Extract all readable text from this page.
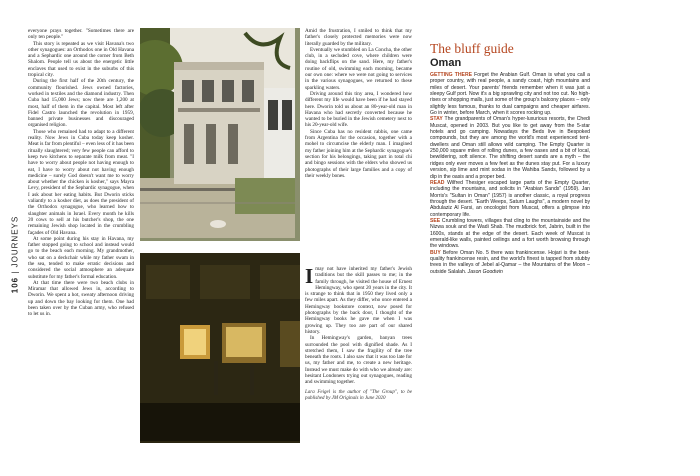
106 | JOURNEYS

everyone prays together. "Sometimes there are only ten people."

This story is repeated as we visit Havana's two other synagogues: an Orthodox one in Old Havana and a Sephardic one around the corner from Beth Shalom. People tell us about the energetic little enclaves that used to exist in the suburbs of this tropical city.

During the first half of the 20th century, the community flourished. Jews owned factories, worked in textiles and the diamond industry. Then Cuba had 15,000 Jews; now there are 1,200 at most, half of them in the capital. Most left after Fidel Castro launched the revolution in 1959, banned private businesses and discouraged organised religion.

Those who remained had to adapt to a different reality. Now Jews in Cuba today keep kosher. Meat is far from plentiful – even less of it has been ritually slaughtered; very few people can afford to keep two kitchens to separate milk from meat. "I have to worry about people not having enough to eat, I have to worry about not having enough medicine – surely God doesn't want me to worry about whether the chicken is kosher," says Mayra Levy, president of the Sephardic synagogue, when I ask about her eating habits. But Dworin sticks valiantly to a kosher diet, as does the president of the Orthodox synagogue, who learned how to slaughter animals in Israel. Every month he kills 20 cows to sell at his butcher's shop, the one remaining Jewish shop located in the crumbling façades of Old Havana.

At some point during his stay in Havana, my father stopped going to school and instead would go to the beach each morning. My grandmother, who sat on a deckchair while my father swam in the sea, tended to make erratic decisions and considered the social atmosphere an adequate substitute for my father's formal education.

At that time there were two beach clubs in Miramar that allowed Jews in, according to Dworin. We spent a hot, sweaty afternoon driving up and down the bay looking for them. One had been taken over by the Cuban army, who refused to let us in.

Imay not have inherited my father's Jewish traditions but the skill passes to me; in the family through, he visited the house of Ernest Hemingway, who spent 20 years in the city. It is strange to think that in 1950 they lived only a few miles apart. As they differ, who once entered a Hemingway bookstore context, now posed for photographs by the back door, I thought of the Hemingway books he gave me when I was growing up. They too are part of our shared history.

In Hemingway's garden, banyan trees surrounded the pool with dignified shade. As I stretched them, I saw the fragility of the tree beneath the roots. I also saw that it was too late for us, my father and me, to create a new heritage. Instead we must make do with who we already are: hesitant Londoners trying out synagogues, reading and swimming together.

Lara Feigel is the author of "The Group", to be published by JM Originals in June 2020
The bluff guide
Oman

GETTING THERE Forget the Arabian Gulf. Oman is what you call a proper country, with real people, a sandy coast, high mountains and miles of desert. Your parents' friends remember when it was just a sleepy Gulf port. Now it's a big sprawling city and not too cut. No high-rises or shopping malls, just some of the group's balcony places – only slightly less famous, thanks to dual campaigns and cheaper airfares. Go in winter, before March, when it scores rocking up.

STAY The grandparents of Oman's hyper-luxurious resorts, the Chedi Muscat, opened in 2003. But you like to get away from the 5-star hotels and go camping. Nowadays the Beds live in Bespoked compounds, but they are among the world's most experienced tent-dwellers and Oman still allows wild camping. The Empty Quarter is 250,000 square miles of rolling dunes, a few oases and a bit of local, bewildering, soft silence. The shifting desert sands are a myth – the ridges only ever moves a few feet as the dunes stay put. For a luxury version, sip lime and mint sodas in the Wahiba Sands, followed by a dip in the oasis and a proper bed.

READ Wilfred Thesiger escaped large parts of the Empty Quarter, including the mountains, and solicits in "Arabian Sands" (1959). Jan Morris's "Sultan in Oman" (1957) is another classic, a royal progress through the desert. "Earth Weeps, Saturn Laughs", a modern novel by Abdulaziz Al Farsi, an oncologist from Muscat, offers a glimpse into contemporary life.

SEE Crumbling towers, villages that cling to the mountainside and the Nizwa souk and the Wadi Shab. The mudbrick fort, Jabrin, built in the 1600s, stands at the edge of the desert. Each week of Muscat is emerald-like walls, painted ceilings and a fort worth browsing through the windows.

BUY Before Oman No. 5 there was frankincense. Hojari is the best-quality frankincense resin, and the world's finest is tapped from stubby trees in the valleys of Jebel al-Qamar – the Mountains of the Moon – outside Salalah. Jason Goodwin

Amid the frustration, I smiled to think that my father's closely protected memories were now literally guarded by the military.

Eventually we stumbled on La Concha, the other club, in a secluded cove, where children were doing backflips on the sand. Here, my father's routine of old, swimming each morning, became our own one: where we were not going to services in the various synagogues, we returned to these sparkling waters.

Driving around this tiny area, I wondered how different my life would have been if he had stayed here. Dworin told us about an 80-year-old man in Havana who had secretly converted because he wanted to be buried in the Jewish cemetery next to his 20-year-old wife.

Since Cuba has no resident rabbis, one came from Argentina for the occasion, together with a mohel to circumcise the elderly man. I imagined my father joining him at the Sephardic synagogue's section for his belongings, taking part in total chi and bingo sessions with the elders who showed us photographs of their large families and a copy of their weekly bones.
